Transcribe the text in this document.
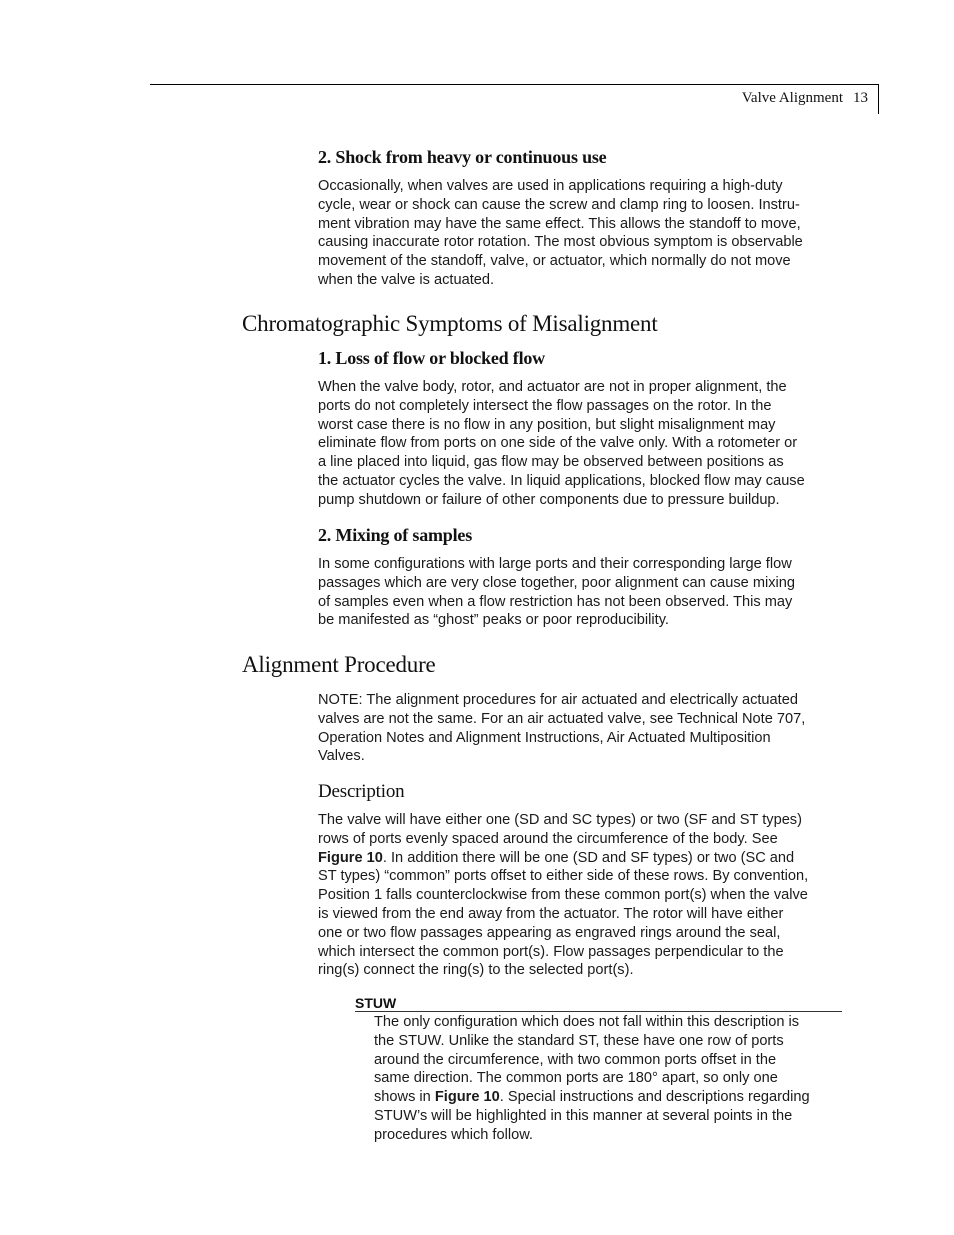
Valve Alignment 13
2. Shock from heavy or continuous use
Occasionally, when valves are used in applications requiring a high-duty
cycle, wear or shock can cause the screw and clamp ring to loosen. Instru-
ment vibration may have the same effect. This allows the standoff to move,
causing inaccurate rotor rotation. The most obvious symptom is observable
movement of the standoff, valve, or actuator, which normally do not move
when the valve is actuated.
Chromatographic Symptoms of Misalignment
1. Loss of flow or blocked flow
When the valve body, rotor, and actuator are not in proper alignment, the
ports do not completely intersect the flow passages on the rotor. In the
worst case there is no flow in any position, but slight misalignment may
eliminate flow from ports on one side of the valve only. With a rotometer or
a line placed into liquid, gas flow may be observed between positions as
the actuator cycles the valve. In liquid applications, blocked flow may cause
pump shutdown or failure of other components due to pressure buildup.
2. Mixing of samples
In some configurations with large ports and their corresponding large flow
passages which are very close together, poor alignment can cause mixing
of samples even when a flow restriction has not been observed. This may
be manifested as “ghost” peaks or poor reproducibility.
Alignment Procedure
NOTE: The alignment procedures for air actuated and electrically actuated
valves are not the same. For an air actuated valve, see Technical Note 707,
Operation Notes and Alignment Instructions, Air Actuated Multiposition
Valves.
Description
The valve will have either one (SD and SC types) or two (SF and ST types)
rows of ports evenly spaced around the circumference of the body. See
Figure 10. In addition there will be one (SD and SF types) or two (SC and
ST types) “common” ports offset to either side of these rows. By convention,
Position 1 falls counterclockwise from these common port(s) when the valve
is viewed from the end away from the actuator. The rotor will have either
one or two flow passages appearing as engraved rings around the seal,
which intersect the common port(s). Flow passages perpendicular to the
ring(s) connect the ring(s) to the selected port(s).
STUW
The only configuration which does not fall within this description is
the STUW. Unlike the standard ST, these have one row of ports
around the circumference, with two common ports offset in the
same direction. The common ports are 180° apart, so only one
shows in Figure 10. Special instructions and descriptions regarding
STUW’s will be highlighted in this manner at several points in the
procedures which follow.
